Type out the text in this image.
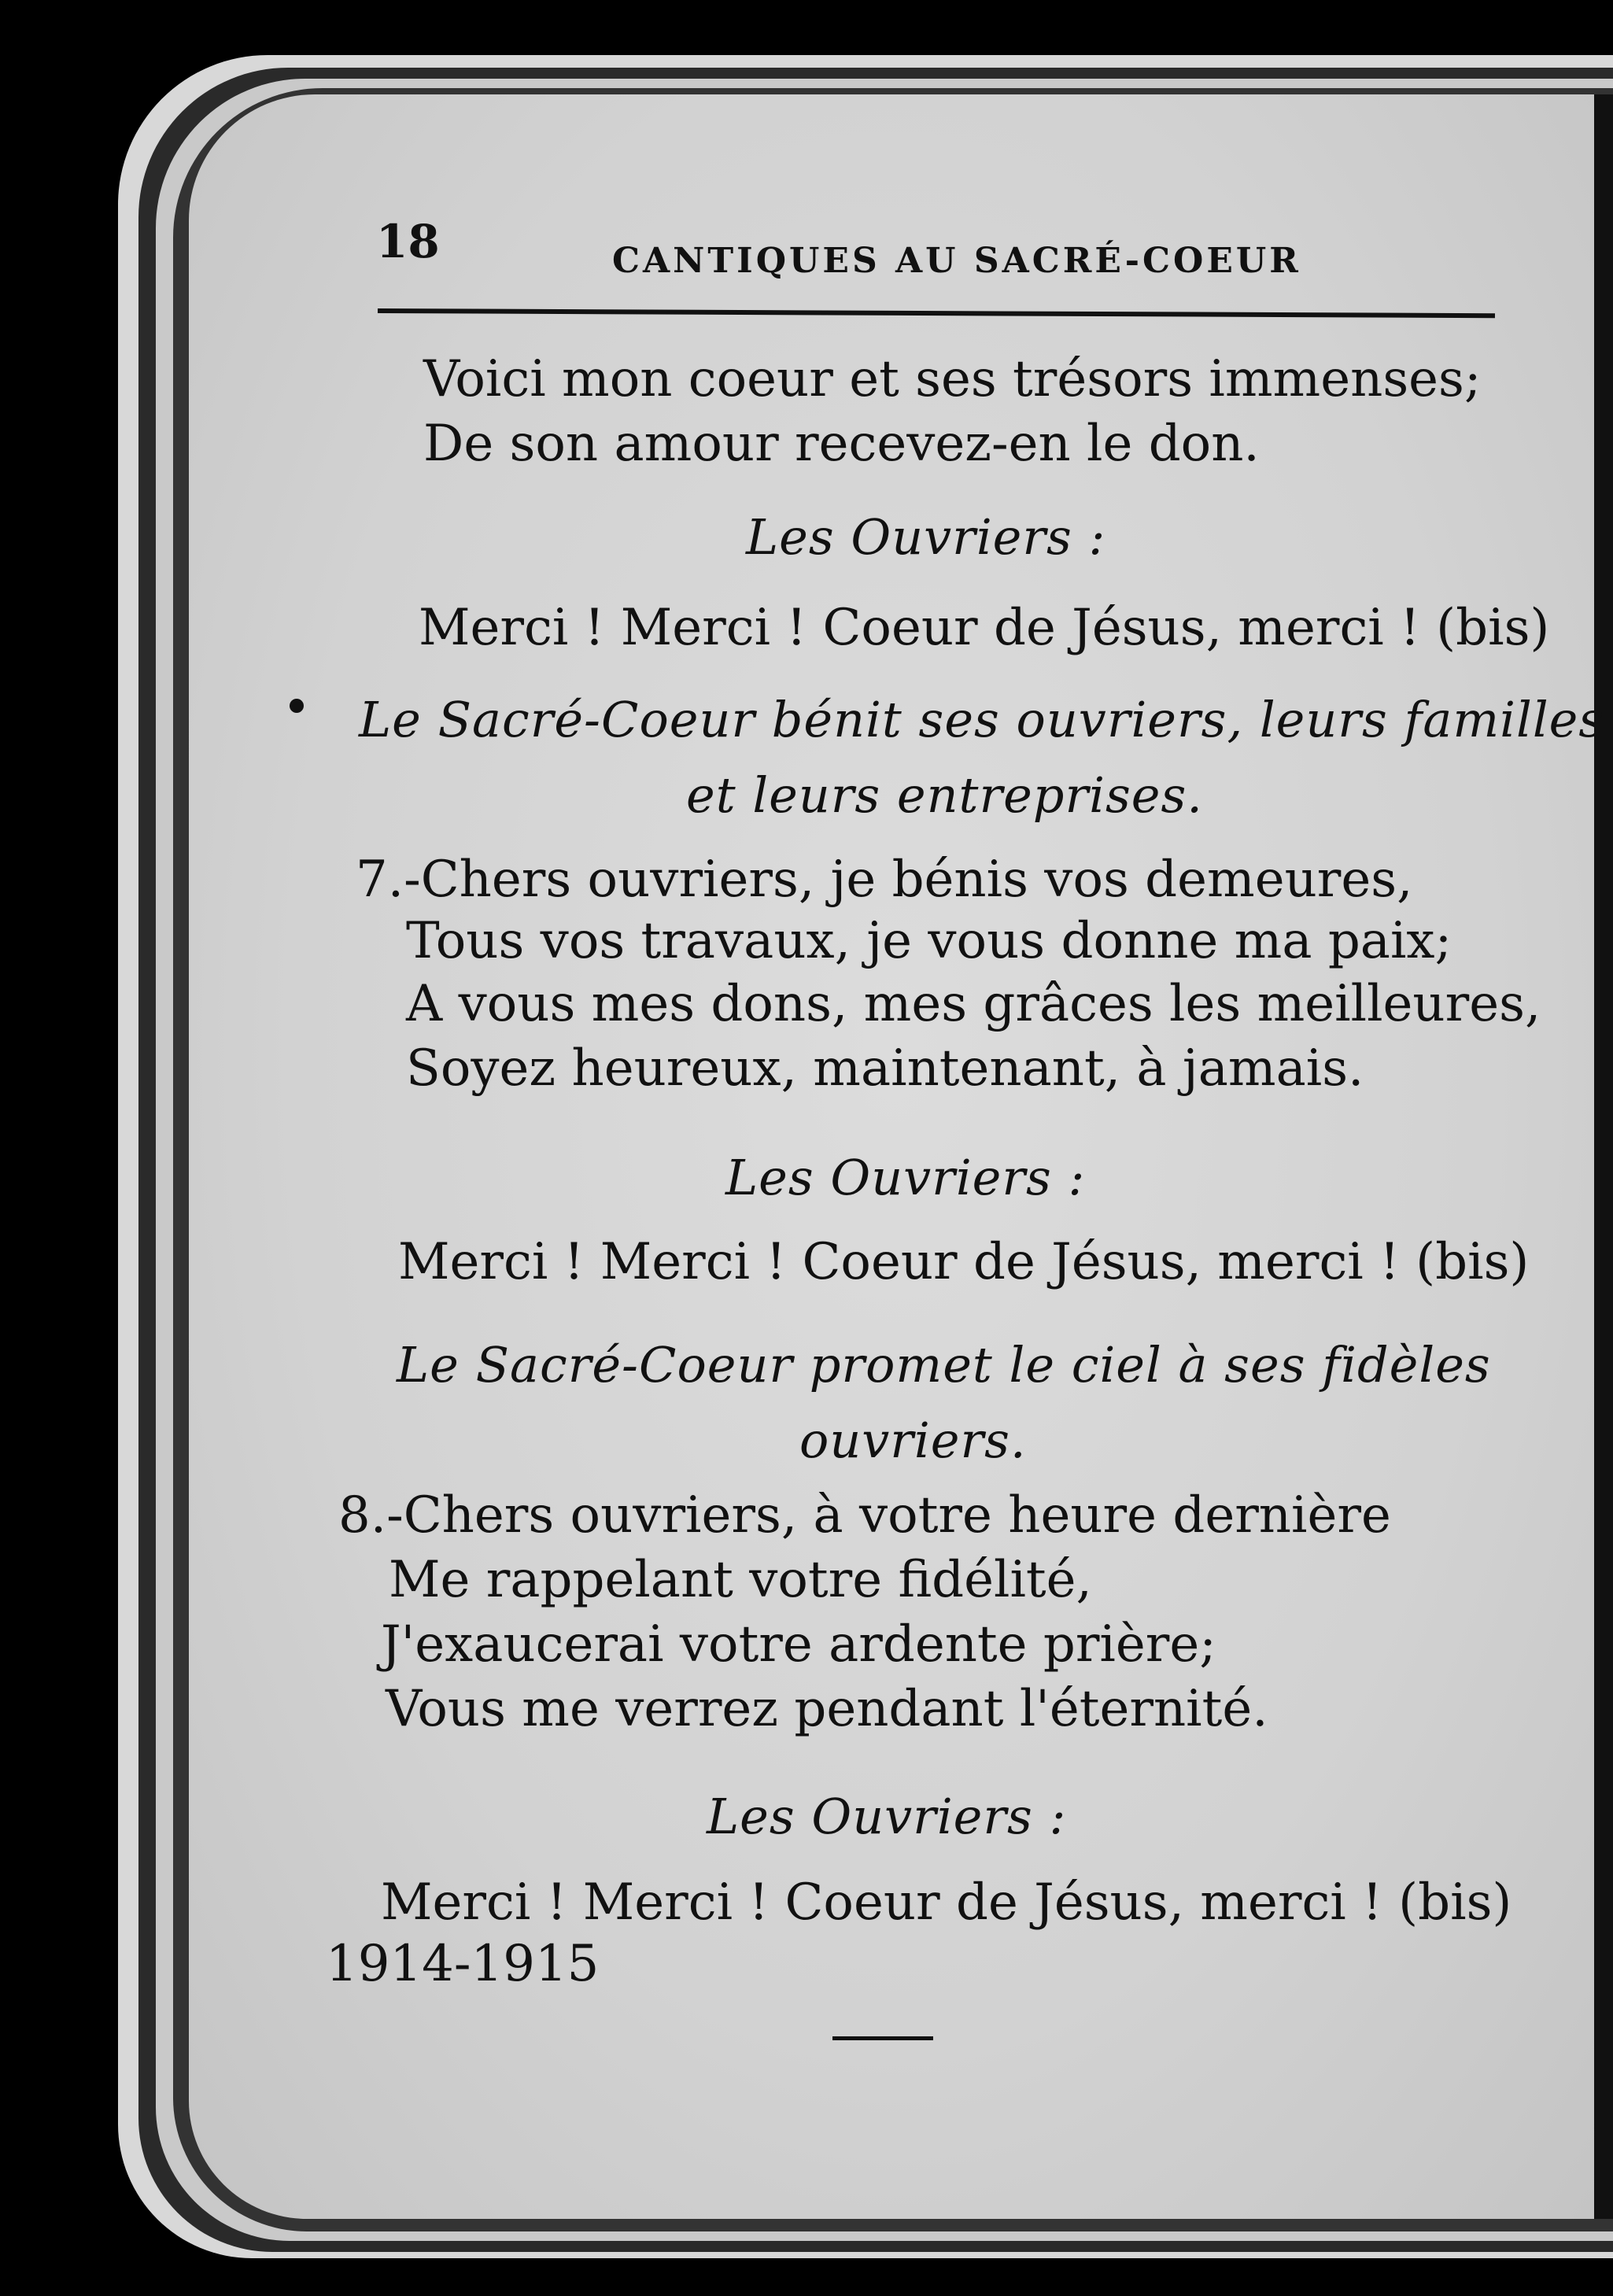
18	CANTIQUES AU SACRÉ-COEUR
Voici mon coeur et ses trésors immenses;
De son amour recevez-en le don.
Les Ouvriers :
Merci ! Merci ! Coeur de Jésus, merci ! (bis)
Le Sacré-Coeur bénit ses ouvriers, leurs familles
et leurs entreprises.
7.-Chers ouvriers, je bénis vos demeures,
Tous vos travaux, je vous donne ma paix;
A vous mes dons, mes grâces les meilleures,
Soyez heureux, maintenant, à jamais.
Les Ouvriers :
Merci ! Merci ! Coeur de Jésus, merci ! (bis)
Le Sacré-Coeur promet le ciel à ses fidèles
ouvriers.
8.-Chers ouvriers, à votre heure dernière
Me rappelant votre fidélité,
J'exaucerai votre ardente prière;
Vous me verrez pendant l'éternité.
Les Ouvriers :
Merci ! Merci ! Coeur de Jésus, merci ! (bis)
1914-1915
